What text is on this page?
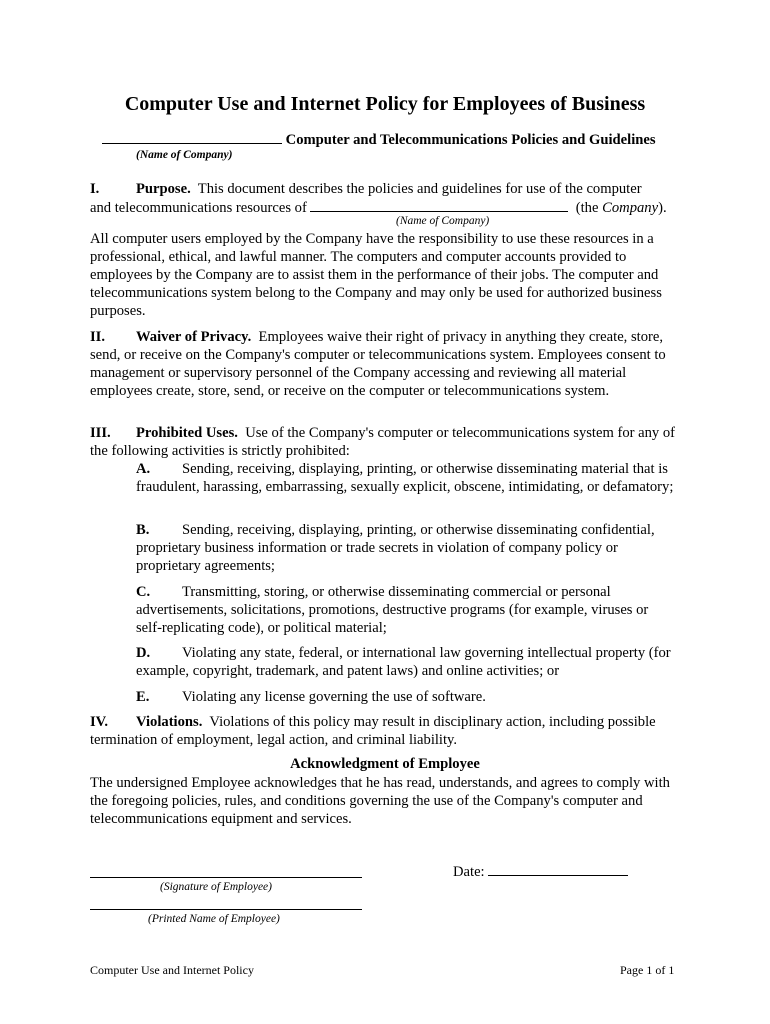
Computer Use and Internet Policy for Employees of Business
Computer and Telecommunications Policies and Guidelines
(Name of Company)
I.	Purpose. This document describes the policies and guidelines for use of the computer
and telecommunications resources of	(the Company).
(Name of Company)
All computer users employed by the Company have the responsibility to use these resources in a professional, ethical, and lawful manner. The computers and computer accounts provided to employees by the Company are to assist them in the performance of their jobs. The computer and telecommunications system belong to the Company and may only be used for authorized business purposes.
II. Waiver of Privacy. Employees waive their right of privacy in anything they create, store, send, or receive on the Company's computer or telecommunications system. Employees consent to management or supervisory personnel of the Company accessing and reviewing all material employees create, store, send, or receive on the computer or telecommunications system.
III. Prohibited Uses. Use of the Company's computer or telecommunications system for any of the following activities is strictly prohibited:
A. Sending, receiving, displaying, printing, or otherwise disseminating material that is fraudulent, harassing, embarrassing, sexually explicit, obscene, intimidating, or defamatory;
B. Sending, receiving, displaying, printing, or otherwise disseminating confidential, proprietary business information or trade secrets in violation of company policy or proprietary agreements;
C. Transmitting, storing, or otherwise disseminating commercial or personal advertisements, solicitations, promotions, destructive programs (for example, viruses or self-replicating code), or political material;
D. Violating any state, federal, or international law governing intellectual property (for example, copyright, trademark, and patent laws) and online activities; or
E. Violating any license governing the use of software.
IV. Violations. Violations of this policy may result in disciplinary action, including possible termination of employment, legal action, and criminal liability.
Acknowledgment of Employee
The undersigned Employee acknowledges that he has read, understands, and agrees to comply with the foregoing policies, rules, and conditions governing the use of the Company's computer and telecommunications equipment and services.
(Signature of Employee)
Date:
(Printed Name of Employee)
Computer Use and Internet Policy	Page 1 of 1
